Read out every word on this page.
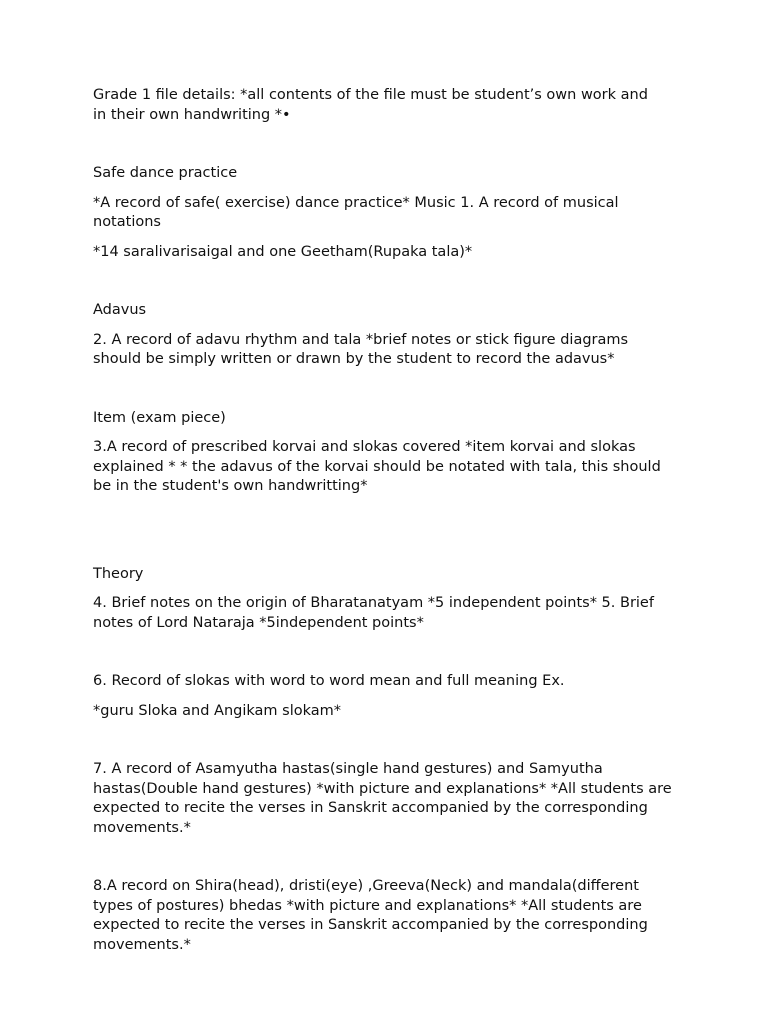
Grade 1 file details: *all contents of the file must be student’s own work and in their own handwriting *•

Safe dance practice

*A record of safe( exercise) dance practice* Music 1. A record of musical notations

*14 saralivarisaigal and one Geetham(Rupaka tala)*

Adavus

2. A record of adavu rhythm and tala *brief notes or stick figure diagrams should be simply written or drawn by the student to record the adavus*

Item (exam piece)

3.A record of prescribed korvai and slokas covered *item korvai and slokas explained * * the adavus of the korvai should be notated with tala, this should be in the student's own handwritting*

Theory

4. Brief notes on the origin of Bharatanatyam *5 independent points* 5. Brief notes of Lord Nataraja *5independent points*

6. Record of slokas with word to word mean and full meaning Ex.

*guru Sloka and Angikam slokam*

7. A record of Asamyutha hastas(single hand gestures) and Samyutha hastas(Double hand gestures) *with picture and explanations* *All students are expected to recite the verses in Sanskrit accompanied by the corresponding movements.*

8.A record on Shira(head), dristi(eye) ,Greeva(Neck) and mandala(different types of postures) bhedas *with picture and explanations* *All students are expected to recite the verses in Sanskrit accompanied by the corresponding movements.*
